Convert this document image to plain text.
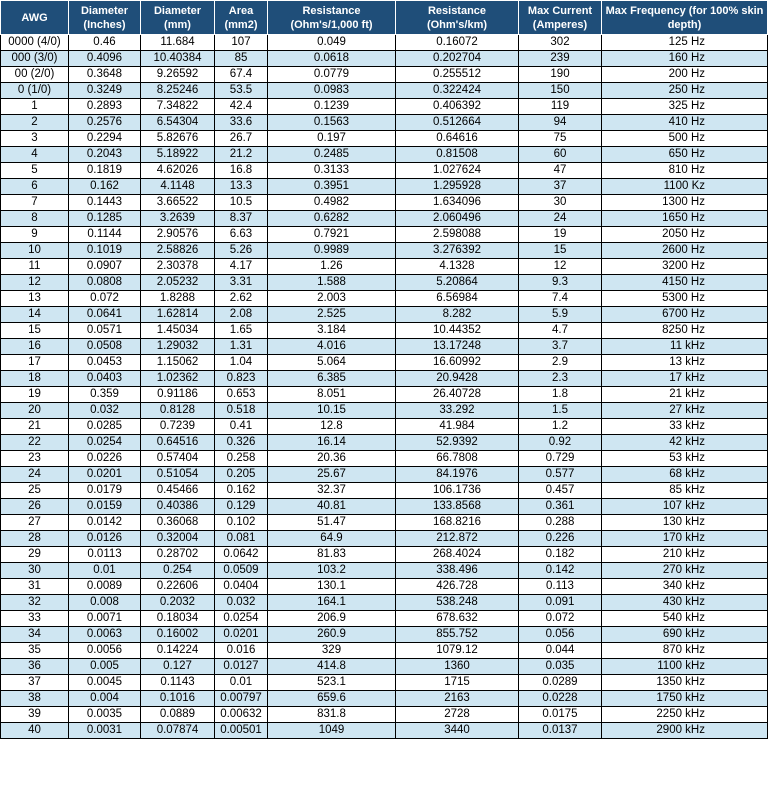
AWG	Diameter (Inches)	Diameter (mm)	Area (mm2)	Resistance (Ohm's/1,000 ft)	Resistance (Ohm's/km)	Max Current (Amperes)	Max Frequency (for 100% skin depth)
0000 (4/0)	0.46	11.684	107	0.049	0.16072	302	125 Hz
000 (3/0)	0.4096	10.40384	85	0.0618	0.202704	239	160 Hz
00 (2/0)	0.3648	9.26592	67.4	0.0779	0.255512	190	200 Hz
0 (1/0)	0.3249	8.25246	53.5	0.0983	0.322424	150	250 Hz
1	0.2893	7.34822	42.4	0.1239	0.406392	119	325 Hz
2	0.2576	6.54304	33.6	0.1563	0.512664	94	410 Hz
3	0.2294	5.82676	26.7	0.197	0.64616	75	500 Hz
4	0.2043	5.18922	21.2	0.2485	0.81508	60	650 Hz
5	0.1819	4.62026	16.8	0.3133	1.027624	47	810 Hz
6	0.162	4.1148	13.3	0.3951	1.295928	37	1100 Kz
7	0.1443	3.66522	10.5	0.4982	1.634096	30	1300 Hz
8	0.1285	3.2639	8.37	0.6282	2.060496	24	1650 Hz
9	0.1144	2.90576	6.63	0.7921	2.598088	19	2050 Hz
10	0.1019	2.58826	5.26	0.9989	3.276392	15	2600 Hz
11	0.0907	2.30378	4.17	1.26	4.1328	12	3200 Hz
12	0.0808	2.05232	3.31	1.588	5.20864	9.3	4150 Hz
13	0.072	1.8288	2.62	2.003	6.56984	7.4	5300 Hz
14	0.0641	1.62814	2.08	2.525	8.282	5.9	6700 Hz
15	0.0571	1.45034	1.65	3.184	10.44352	4.7	8250 Hz
16	0.0508	1.29032	1.31	4.016	13.17248	3.7	11 kHz
17	0.0453	1.15062	1.04	5.064	16.60992	2.9	13 kHz
18	0.0403	1.02362	0.823	6.385	20.9428	2.3	17 kHz
19	0.359	0.91186	0.653	8.051	26.40728	1.8	21 kHz
20	0.032	0.8128	0.518	10.15	33.292	1.5	27 kHz
21	0.0285	0.7239	0.41	12.8	41.984	1.2	33 kHz
22	0.0254	0.64516	0.326	16.14	52.9392	0.92	42 kHz
23	0.0226	0.57404	0.258	20.36	66.7808	0.729	53 kHz
24	0.0201	0.51054	0.205	25.67	84.1976	0.577	68 kHz
25	0.0179	0.45466	0.162	32.37	106.1736	0.457	85 kHz
26	0.0159	0.40386	0.129	40.81	133.8568	0.361	107 kHz
27	0.0142	0.36068	0.102	51.47	168.8216	0.288	130 kHz
28	0.0126	0.32004	0.081	64.9	212.872	0.226	170 kHz
29	0.0113	0.28702	0.0642	81.83	268.4024	0.182	210 kHz
30	0.01	0.254	0.0509	103.2	338.496	0.142	270 kHz
31	0.0089	0.22606	0.0404	130.1	426.728	0.113	340 kHz
32	0.008	0.2032	0.032	164.1	538.248	0.091	430 kHz
33	0.0071	0.18034	0.0254	206.9	678.632	0.072	540 kHz
34	0.0063	0.16002	0.0201	260.9	855.752	0.056	690 kHz
35	0.0056	0.14224	0.016	329	1079.12	0.044	870 kHz
36	0.005	0.127	0.0127	414.8	1360	0.035	1100 kHz
37	0.0045	0.1143	0.01	523.1	1715	0.0289	1350 kHz
38	0.004	0.1016	0.00797	659.6	2163	0.0228	1750 kHz
39	0.0035	0.0889	0.00632	831.8	2728	0.0175	2250 kHz
40	0.0031	0.07874	0.00501	1049	3440	0.0137	2900 kHz
